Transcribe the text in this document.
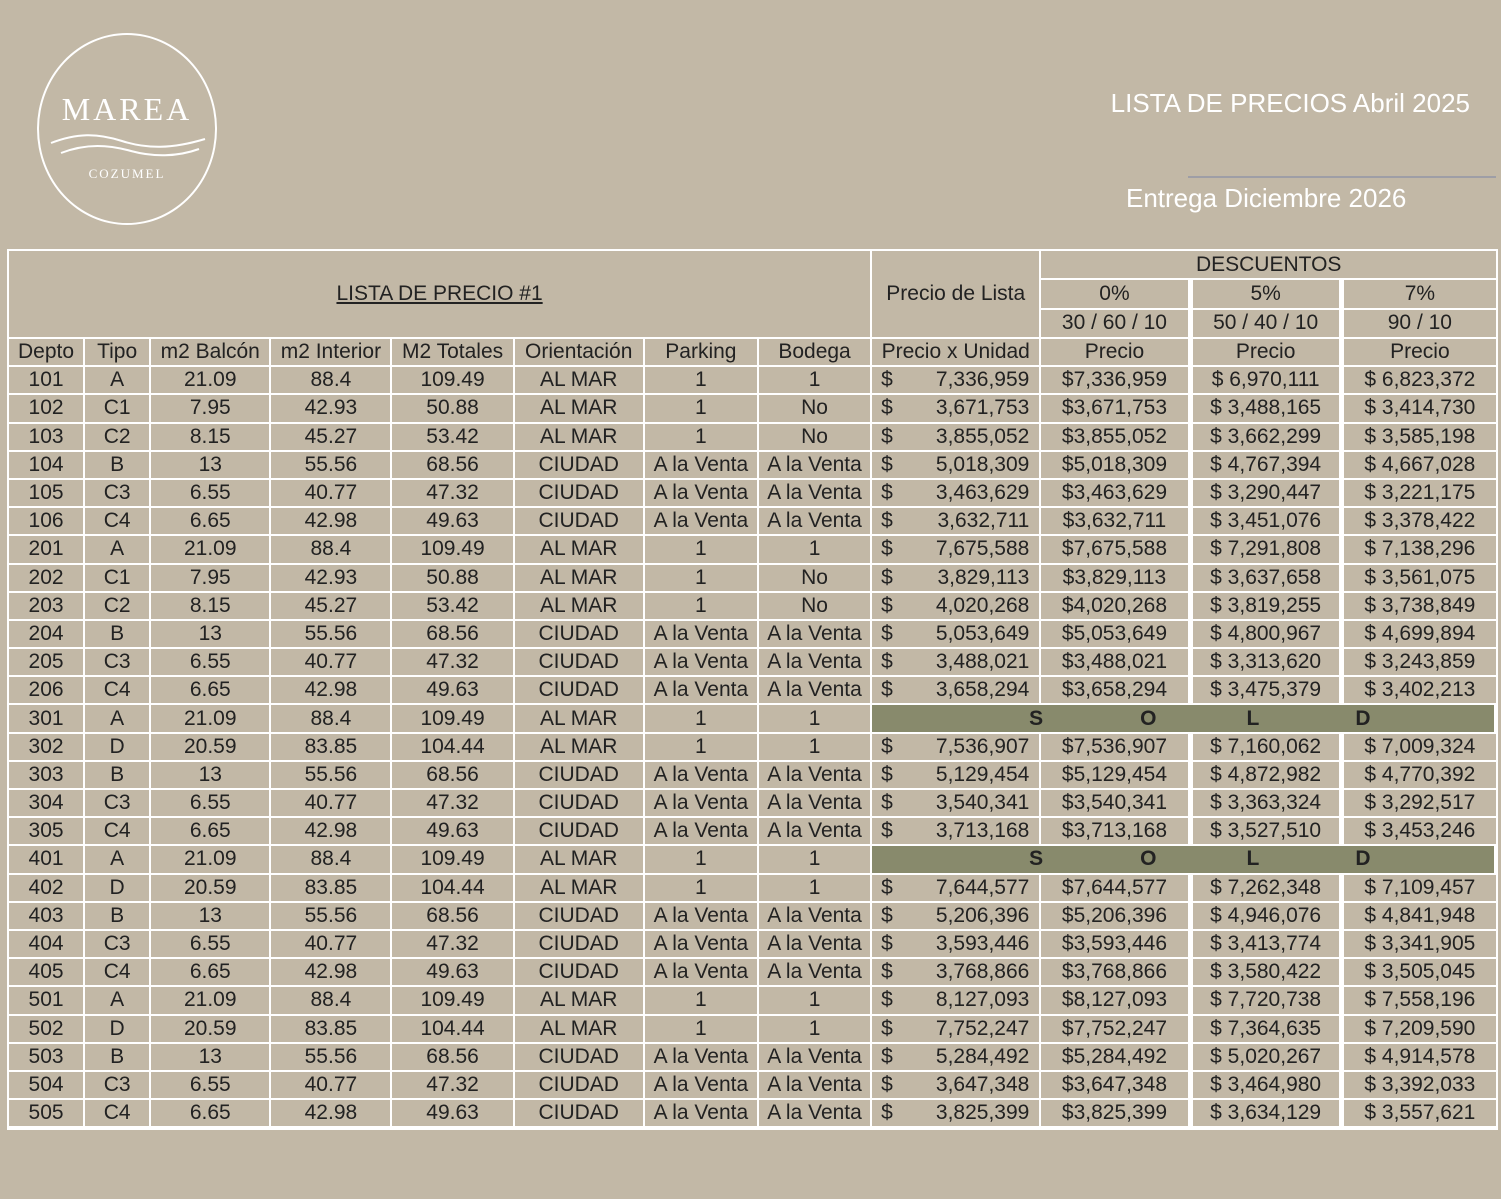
MAREA
COZUMEL
LISTA DE PRECIOS Abril 2025
Entrega Diciembre 2026
LISTA DE PRECIO #1								Precio de Lista	DESCUENTOS		
									0%	5%	7%
									30 / 60 / 10	50 / 40 / 10	90 / 10
Depto	Tipo	m2 Balcón	m2 Interior	M2 Totales	Orientación	Parking	Bodega	Precio x Unidad	Precio	Precio	Precio
101	A	21.09	88.4	109.49	AL MAR	1	1	$ 7,336,959	$7,336,959	$ 6,970,111	$ 6,823,372
102	C1	7.95	42.93	50.88	AL MAR	1	No	$ 3,671,753	$3,671,753	$ 3,488,165	$ 3,414,730
103	C2	8.15	45.27	53.42	AL MAR	1	No	$ 3,855,052	$3,855,052	$ 3,662,299	$ 3,585,198
104	B	13	55.56	68.56	CIUDAD	A la Venta	A la Venta	$ 5,018,309	$5,018,309	$ 4,767,394	$ 4,667,028
105	C3	6.55	40.77	47.32	CIUDAD	A la Venta	A la Venta	$ 3,463,629	$3,463,629	$ 3,290,447	$ 3,221,175
106	C4	6.65	42.98	49.63	CIUDAD	A la Venta	A la Venta	$ 3,632,711	$3,632,711	$ 3,451,076	$ 3,378,422
201	A	21.09	88.4	109.49	AL MAR	1	1	$ 7,675,588	$7,675,588	$ 7,291,808	$ 7,138,296
202	C1	7.95	42.93	50.88	AL MAR	1	No	$ 3,829,113	$3,829,113	$ 3,637,658	$ 3,561,075
203	C2	8.15	45.27	53.42	AL MAR	1	No	$ 4,020,268	$4,020,268	$ 3,819,255	$ 3,738,849
204	B	13	55.56	68.56	CIUDAD	A la Venta	A la Venta	$ 5,053,649	$5,053,649	$ 4,800,967	$ 4,699,894
205	C3	6.55	40.77	47.32	CIUDAD	A la Venta	A la Venta	$ 3,488,021	$3,488,021	$ 3,313,620	$ 3,243,859
206	C4	6.65	42.98	49.63	CIUDAD	A la Venta	A la Venta	$ 3,658,294	$3,658,294	$ 3,475,379	$ 3,402,213
301	A	21.09	88.4	109.49	AL MAR	1	1	S O L D			

302	D	20.59	83.85	104.44	AL MAR	1	1	$ 7,536,907	$7,536,907	$ 7,160,062	$ 7,009,324
303	B	13	55.56	68.56	CIUDAD	A la Venta	A la Venta	$ 5,129,454	$5,129,454	$ 4,872,982	$ 4,770,392
304	C3	6.55	40.77	47.32	CIUDAD	A la Venta	A la Venta	$ 3,540,341	$3,540,341	$ 3,363,324	$ 3,292,517
305	C4	6.65	42.98	49.63	CIUDAD	A la Venta	A la Venta	$ 3,713,168	$3,713,168	$ 3,527,510	$ 3,453,246
401	A	21.09	88.4	109.49	AL MAR	1	1	S O L D			

402	D	20.59	83.85	104.44	AL MAR	1	1	$ 7,644,577	$7,644,577	$ 7,262,348	$ 7,109,457
403	B	13	55.56	68.56	CIUDAD	A la Venta	A la Venta	$ 5,206,396	$5,206,396	$ 4,946,076	$ 4,841,948
404	C3	6.55	40.77	47.32	CIUDAD	A la Venta	A la Venta	$ 3,593,446	$3,593,446	$ 3,413,774	$ 3,341,905
405	C4	6.65	42.98	49.63	CIUDAD	A la Venta	A la Venta	$ 3,768,866	$3,768,866	$ 3,580,422	$ 3,505,045
501	A	21.09	88.4	109.49	AL MAR	1	1	$ 8,127,093	$8,127,093	$ 7,720,738	$ 7,558,196
502	D	20.59	83.85	104.44	AL MAR	1	1	$ 7,752,247	$7,752,247	$ 7,364,635	$ 7,209,590
503	B	13	55.56	68.56	CIUDAD	A la Venta	A la Venta	$ 5,284,492	$5,284,492	$ 5,020,267	$ 4,914,578
504	C3	6.55	40.77	47.32	CIUDAD	A la Venta	A la Venta	$ 3,647,348	$3,647,348	$ 3,464,980	$ 3,392,033
505	C4	6.65	42.98	49.63	CIUDAD	A la Venta	A la Venta	$ 3,825,399	$3,825,399	$ 3,634,129	$ 3,557,621
